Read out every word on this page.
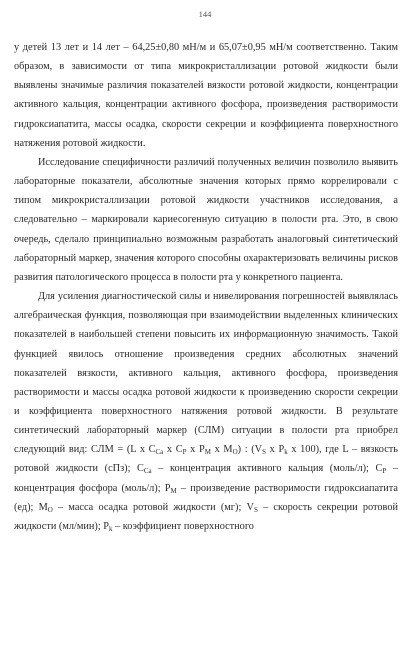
144

у детей 13 лет и 14 лет – 64,25±0,80 мН/м и 65,07±0,95 мН/м соответственно. Таким образом, в зависимости от типа микрокристаллизации ротовой жидкости были выявлены значимые различия показателей вязкости ротовой жидкости, концентрации активного кальция, концентрации активного фосфора, произведения растворимости гидроксиапатита, массы осадка, скорости секреции и коэффициента поверхностного натяжения ротовой жидкости.

Исследование специфичности различий полученных величин позволило выявить лабораторные показатели, абсолютные значения которых прямо коррелировали с типом микрокристаллизации ротовой жидкости участников исследования, а следовательно – маркировали кариесогенную ситуацию в полости рта. Это, в свою очередь, сделало принципиально возможным разработать аналоговый синтетический лабораторный маркер, значения которого способны охарактеризовать величины рисков развития патологического процесса в полости рта у конкретного пациента.

Для усиления диагностической силы и нивелирования погрешностей выявлялась алгебраическая функция, позволяющая при взаимодействии выделенных клинических показателей в наибольшей степени повысить их информационную значимость. Такой функцией явилось отношение произведения средних абсолютных значений показателей вязкости, активного кальция, активного фосфора, произведения растворимости и массы осадка ротовой жидкости к произведению скорости секреции и коэффициента поверхностного натяжения ротовой жидкости. В результате синтетический лабораторный маркер (СЛМ) ситуации в полости рта приобрел следующий вид: СЛМ = (L x $C_{Ca}$ x $C_P$ x $P_M$ x $M_O$) : ($V_S$ x $P_k$ x 100), где L – вязкость ротовой жидкости (сПз); $C_{Ca}$ – концентрация активного кальция (моль/л); $C_P$ – концентрация фосфора (моль/л); $P_M$ – произведение растворимости гидроксиапатита (ед); $M_O$ – масса осадка ротовой жидкости (мг); $V_S$ – скорость секреции ротовой жидкости (мл/мин); $P_k$ – коэффициент поверхностного
